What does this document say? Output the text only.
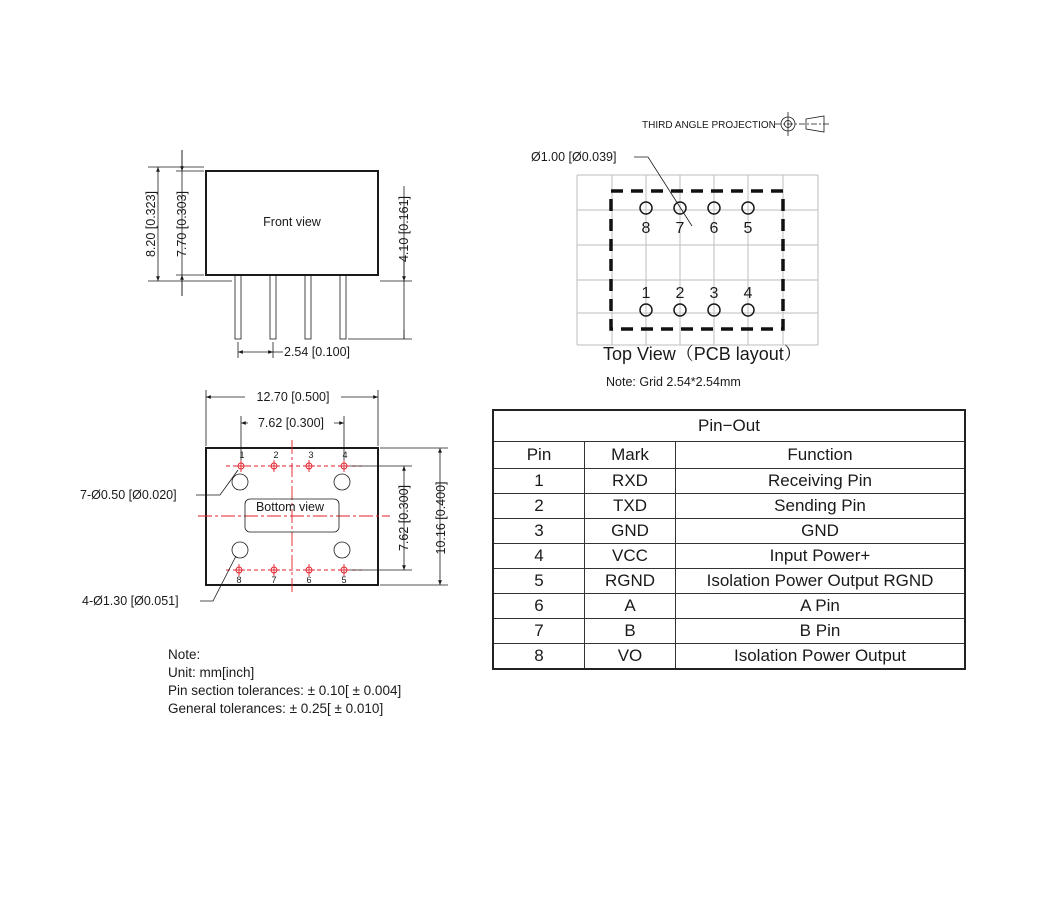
THIRD ANGLE PROJECTION
Front view
8.20 [0.323] 7.70 [0.303]	4.10 [0.161]
2.54 [0.100]
Bottom view
1	2	3	4
8	7	6	5
12.70 [0.500]
7.62 [0.300]
7.62 [0.300] 10.16 [0.400]
7-Ø0.50 [Ø0.020]
4-Ø1.30 [Ø0.051]
8 7 6 5
1 2 3 4
Ø1.00 [Ø0.039]
Top View（PCB layout）
Note: Grid 2.54*2.54mm
Pin−Out		
Pin	Mark	Function
1	RXD	Receiving Pin
2	TXD	Sending Pin
3	GND	GND
4	VCC	Input Power+
5	RGND	Isolation Power Output RGND
6	A	A Pin
7	B	B Pin
8	VO	Isolation Power Output
Note:
Unit: mm[inch]
Pin section tolerances: ± 0.10[ ± 0.004]
General tolerances: ± 0.25[ ± 0.010]
